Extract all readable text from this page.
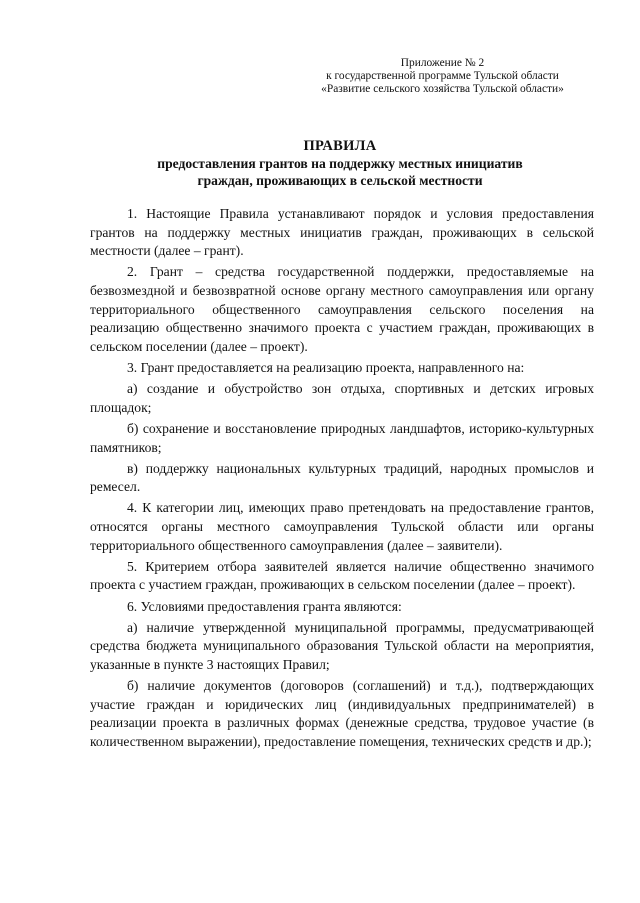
Приложение № 2
к государственной программе Тульской области
«Развитие сельского хозяйства Тульской области»
ПРАВИЛА
предоставления грантов на поддержку местных инициатив
граждан, проживающих в сельской местности

1. Настоящие Правила устанавливают порядок и условия предоставления грантов на поддержку местных инициатив граждан, проживающих в сельской местности (далее – грант).

2. Грант – средства государственной поддержки, предоставляемые на безвозмездной и безвозвратной основе органу местного самоуправления или органу территориального общественного самоуправления сельского поселения на реализацию общественно значимого проекта с участием граждан, проживающих в сельском поселении (далее – проект).

3. Грант предоставляется на реализацию проекта, направленного на:

а) создание и обустройство зон отдыха, спортивных и детских игровых площадок;

б) сохранение и восстановление природных ландшафтов, историко-культурных памятников;

в) поддержку национальных культурных традиций, народных промыслов и ремесел.

4. К категории лиц, имеющих право претендовать на предоставление грантов, относятся органы местного самоуправления Тульской области или органы территориального общественного самоуправления (далее – заявители).

5. Критерием отбора заявителей является наличие общественно значимого проекта с участием граждан, проживающих в сельском поселении (далее – проект).

6. Условиями предоставления гранта являются:

а) наличие утвержденной муниципальной программы, предусматривающей средства бюджета муниципального образования Тульской области на мероприятия, указанные в пункте 3 настоящих Правил;

б) наличие документов (договоров (соглашений) и т.д.), подтверждающих участие граждан и юридических лиц (индивидуальных предпринимателей) в реализации проекта в различных формах (денежные средства, трудовое участие (в количественном выражении), предоставление помещения, технических средств и др.);
